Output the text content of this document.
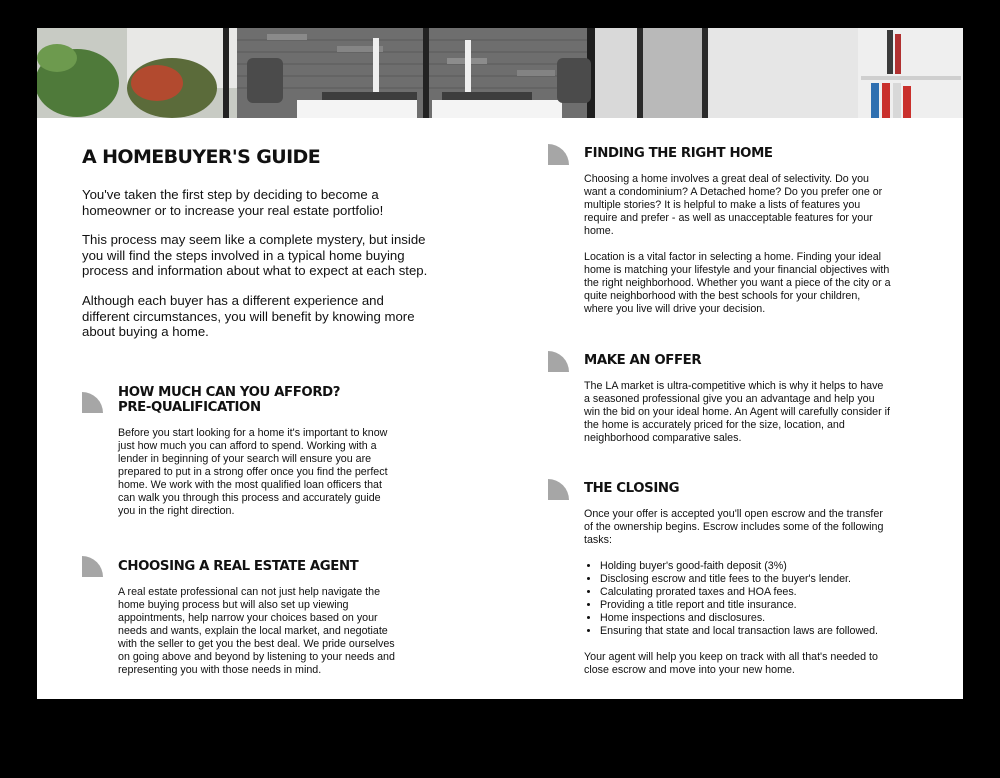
A HOMEBUYER'S GUIDE

You've taken the first step by deciding to become a homeowner or to increase your real estate portfolio!

This process may seem like a complete mystery, but inside you will find the steps involved in a typical home buying process and information about what to expect at each step.

Although each buyer has a different experience and different circumstances, you will benefit by knowing more about buying a home.

HOW MUCH CAN YOU AFFORD?
PRE-QUALIFICATION

Before you start looking for a home it's important to know just how much you can afford to spend. Working with a lender in beginning of your search will ensure you are prepared to put in a strong offer once you find the perfect home. We work with the most qualified loan officers that can walk you through this process and accurately guide you in the right direction.

CHOOSING A REAL ESTATE AGENT

A real estate professional can not just help navigate the home buying process but will also set up viewing appointments, help narrow your choices based on your needs and wants, explain the local market, and negotiate with the seller to get you the best deal. We pride ourselves on going above and beyond by listening to your needs and representing you with those needs in mind.

FINDING THE RIGHT HOME

Choosing a home involves a great deal of selectivity. Do you want a condominium? A Detached home? Do you prefer one or multiple stories? It is helpful to make a lists of features you require and prefer - as well as unacceptable features for your home.

Location is a vital factor in selecting a home. Finding your ideal home is matching your lifestyle and your financial objectives with the right neighborhood. Whether you want a piece of the city or a quite neighborhood with the best schools for your children, where you live will drive your decision.

MAKE AN OFFER

The LA market is ultra-competitive which is why it helps to have a seasoned professional give you an advantage and help you win the bid on your ideal home. An Agent will carefully consider if the home is accurately priced for the size, location, and neighborhood comparative sales.

THE CLOSING

Once your offer is accepted you'll open escrow and the transfer of the ownership begins. Escrow includes some of the following tasks:

• Holding buyer's good-faith deposit (3%)
• Disclosing escrow and title fees to the buyer's lender.
• Calculating prorated taxes and HOA fees.
• Providing a title report and title insurance.
• Home inspections and disclosures.
• Ensuring that state and local transaction laws are followed.

Your agent will help you keep on track with all that's needed to close escrow and move into your new home.
